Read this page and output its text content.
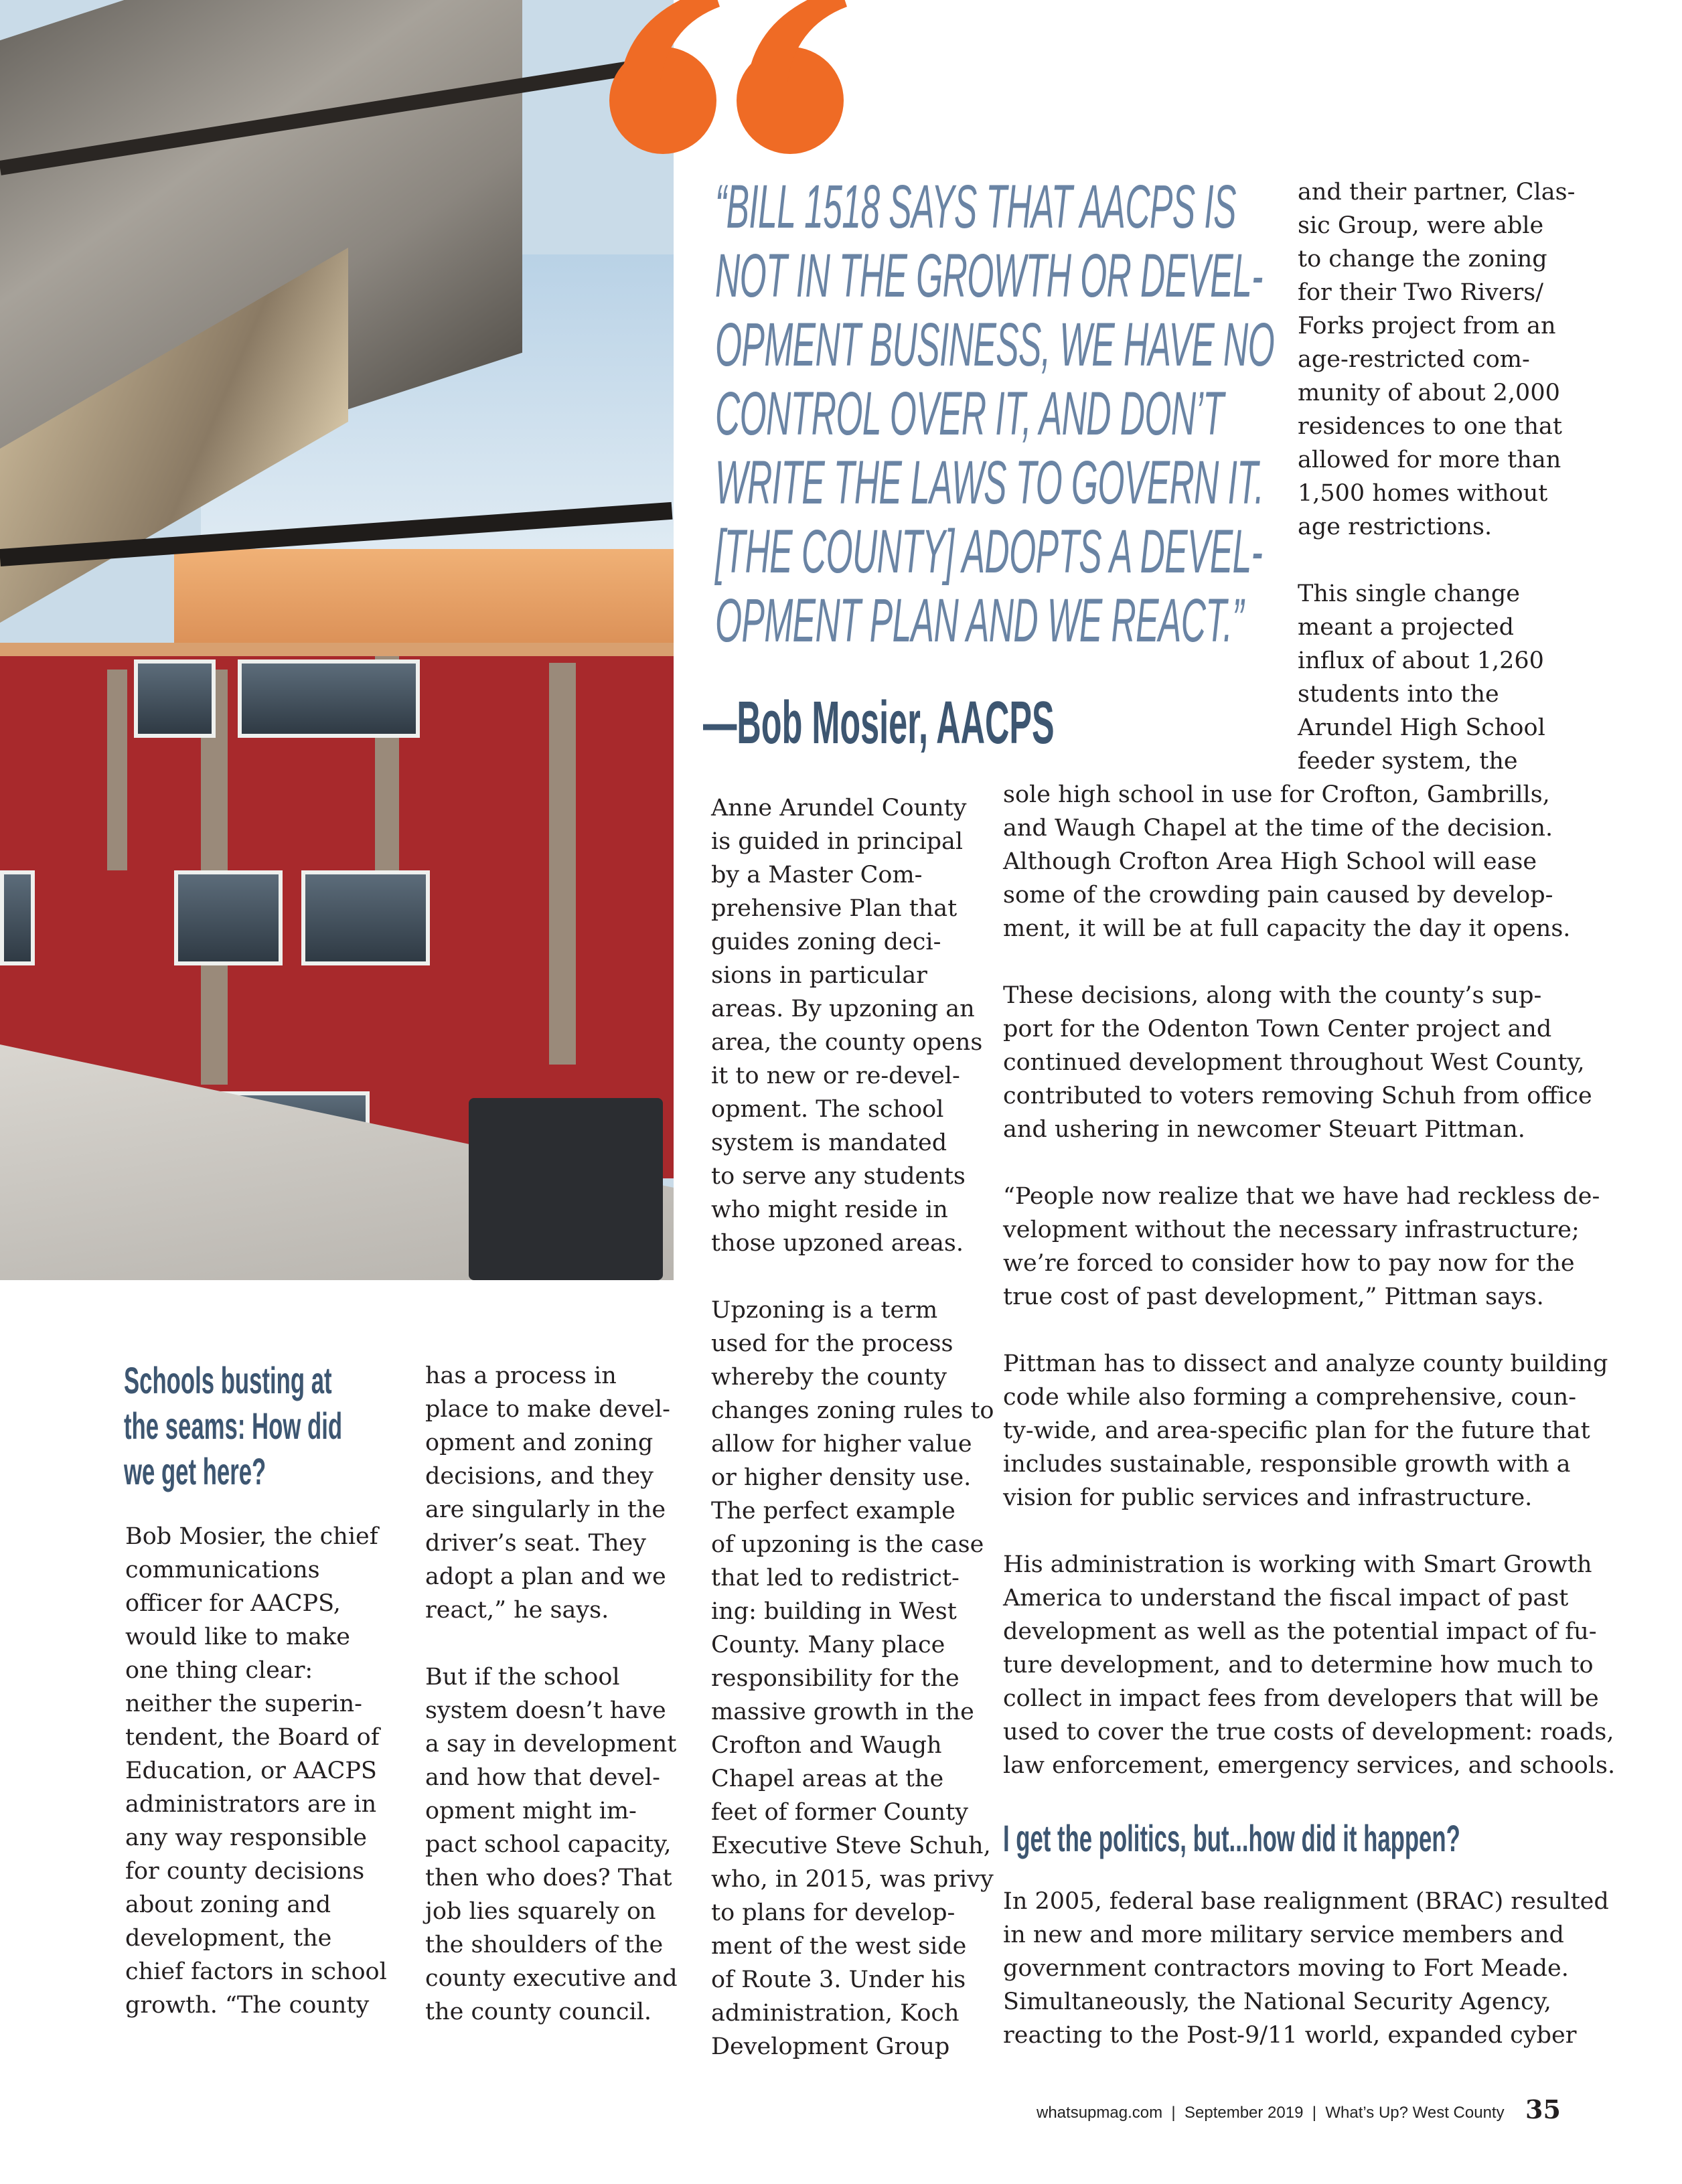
“BILL 1518 SAYS THAT AACPS IS
NOT IN THE GROWTH OR DEVEL-
OPMENT BUSINESS, WE HAVE NO
CONTROL OVER IT, AND DON’T
WRITE THE LAWS TO GOVERN IT.
[THE COUNTY] ADOPTS A DEVEL-
OPMENT PLAN AND WE REACT.”
—Bob Mosier, AACPS
and their partner, Clas-
sic Group, were able
to change the zoning
for their Two Rivers/
Forks project from an
age-restricted com-
munity of about 2,000
residences to one that
allowed for more than
1,500 homes without
age restrictions.
This single change
meant a projected
influx of about 1,260
students into the
Arundel High School
feeder system, the
sole high school in use for Crofton, Gambrills,
and Waugh Chapel at the time of the decision.
Although Crofton Area High School will ease
some of the crowding pain caused by develop-
ment, it will be at full capacity the day it opens.
These decisions, along with the county’s sup-
port for the Odenton Town Center project and
continued development throughout West County,
contributed to voters removing Schuh from office
and ushering in newcomer Steuart Pittman.
“People now realize that we have had reckless de-
velopment without the necessary infrastructure;
we’re forced to consider how to pay now for the
true cost of past development,” Pittman says.
Pittman has to dissect and analyze county building
code while also forming a comprehensive, coun-
ty-wide, and area-specific plan for the future that
includes sustainable, responsible growth with a
vision for public services and infrastructure.
His administration is working with Smart Growth
America to understand the fiscal impact of past
development as well as the potential impact of fu-
ture development, and to determine how much to
collect in impact fees from developers that will be
used to cover the true costs of development: roads,
law enforcement, emergency services, and schools.
I get the politics, but...how did it happen?
In 2005, federal base realignment (BRAC) resulted
in new and more military service members and
government contractors moving to Fort Meade.
Simultaneously, the National Security Agency,
reacting to the Post-9/11 world, expanded cyber
Anne Arundel County
is guided in principal
by a Master Com-
prehensive Plan that
guides zoning deci-
sions in particular
areas. By upzoning an
area, the county opens
it to new or re-devel-
opment. The school
system is mandated
to serve any students
who might reside in
those upzoned areas.
Upzoning is a term
used for the process
whereby the county
changes zoning rules to
allow for higher value
or higher density use.
The perfect example
of upzoning is the case
that led to redistrict-
ing: building in West
County. Many place
responsibility for the
massive growth in the
Crofton and Waugh
Chapel areas at the
feet of former County
Executive Steve Schuh,
who, in 2015, was privy
to plans for develop-
ment of the west side
of Route 3. Under his
administration, Koch
Development Group
Schools busting at
the seams: How did
we get here?
Bob Mosier, the chief
communications
officer for AACPS,
would like to make
one thing clear:
neither the superin-
tendent, the Board of
Education, or AACPS
administrators are in
any way responsible
for county decisions
about zoning and
development, the
chief factors in school
growth. “The county
has a process in
place to make devel-
opment and zoning
decisions, and they
are singularly in the
driver’s seat. They
adopt a plan and we
react,” he says.
But if the school
system doesn’t have
a say in development
and how that devel-
opment might im-
pact school capacity,
then who does? That
job lies squarely on
the shoulders of the
county executive and
the county council.
whatsupmag.com  |  September 2019  |  What’s Up? West County 35
